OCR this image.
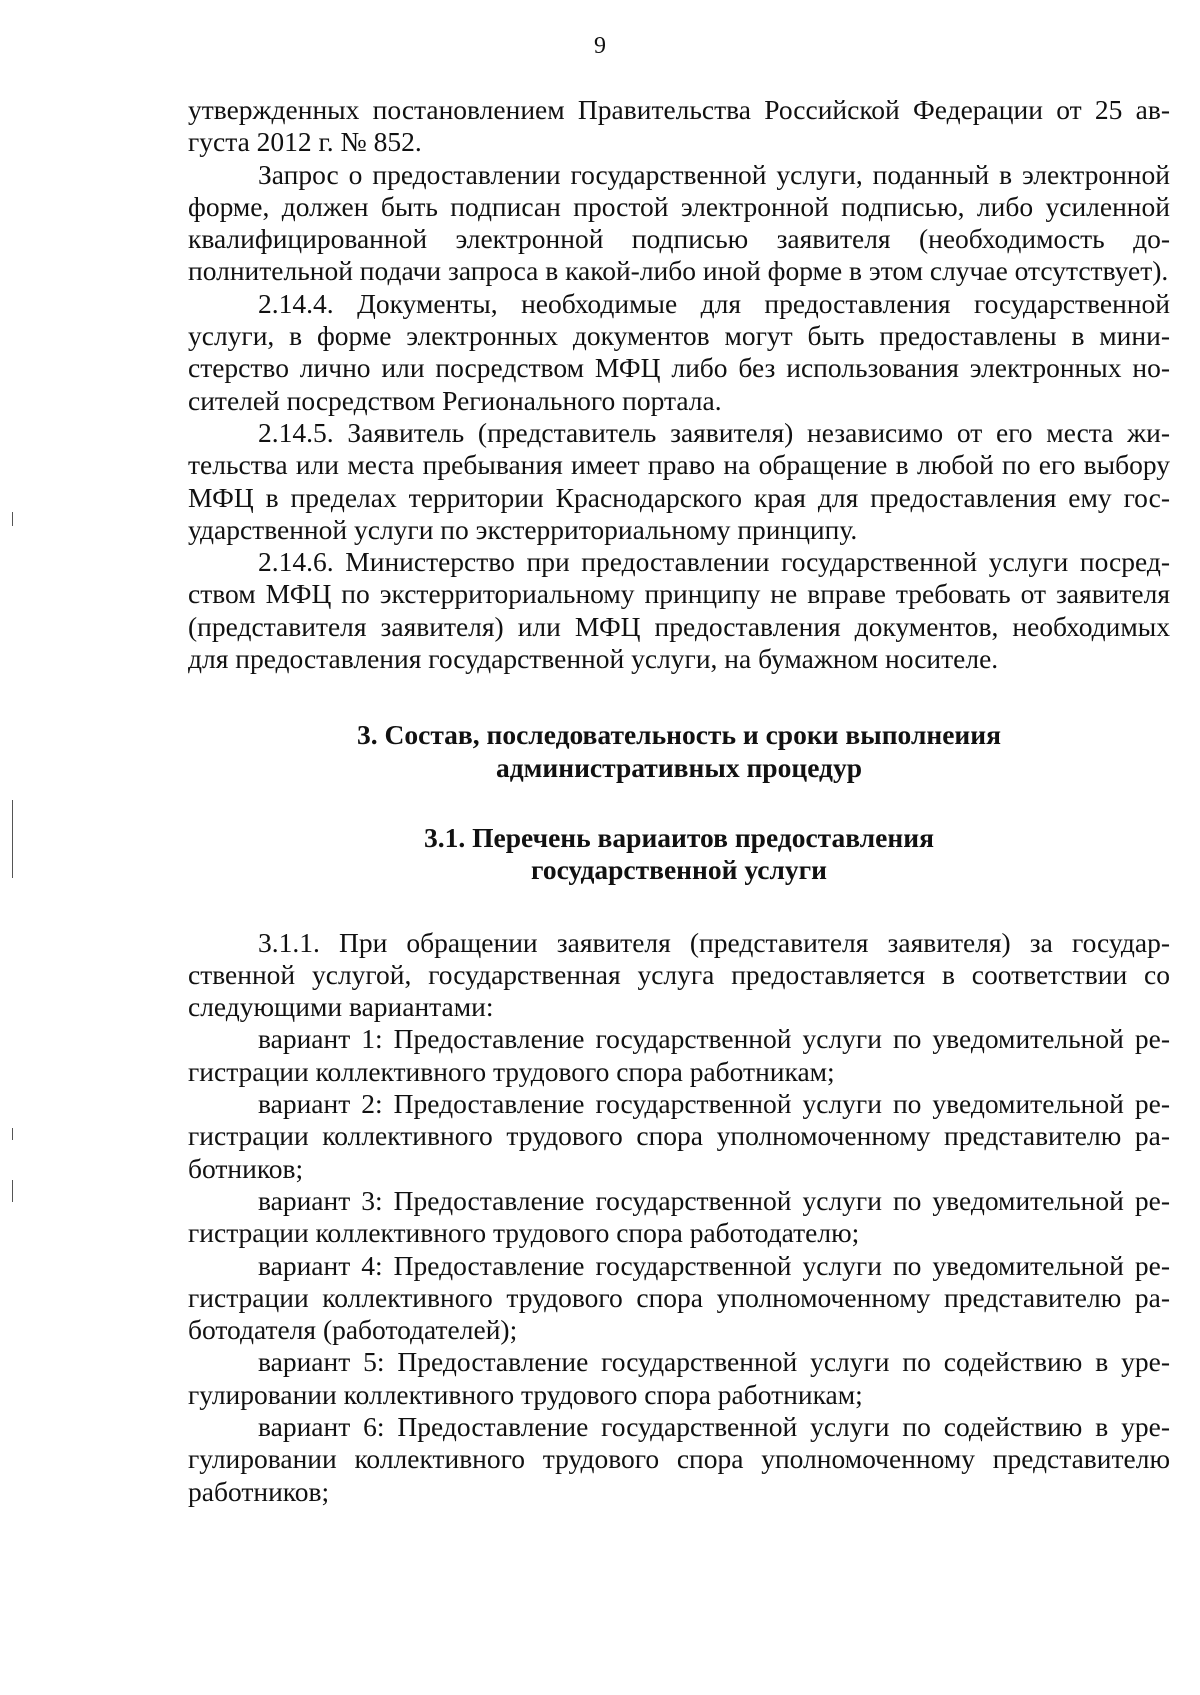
9

утвержденных постановлением Правительства Российской Федерации от 25 августа 2012 г. № 852.

Запрос о предоставлении государственной услуги, поданный в электронной форме, должен быть подписан простой электронной подписью, либо усиленной квалифицированной электронной подписью заявителя (необходимость дополнительной подачи запроса в какой-либо иной форме в этом случае отсутствует).

2.14.4. Документы, необходимые для предоставления государственной услуги, в форме электронных документов могут быть предоставлены в министерство лично или посредством МФЦ либо без использования электронных носителей посредством Регионального портала.

2.14.5. Заявитель (представитель заявителя) независимо от его места жительства или места пребывания имеет право на обращение в любой по его выбору МФЦ в пределах территории Краснодарского края для предоставления ему государственной услуги по экстерриториальному принципу.

2.14.6. Министерство при предоставлении государственной услуги посредством МФЦ по экстерриториальному принципу не вправе требовать от заявителя (представителя заявителя) или МФЦ предоставления документов, необходимых для предоставления государственной услуги, на бумажном носителе.

3. Состав, последовательность и сроки выполнеиия
административных процедур
3.1. Перечень вариаитов предоставления
государственной услуги

3.1.1. При обращении заявителя (представителя заявителя) за государственной услугой, государственная услуга предоставляется в соответствии со следующими вариантами:

вариант 1: Предоставление государственной услуги по уведомительной регистрации коллективного трудового спора работникам;

вариант 2: Предоставление государственной услуги по уведомительной регистрации коллективного трудового спора уполномоченному представителю работников;

вариант 3: Предоставление государственной услуги по уведомительной регистрации коллективного трудового спора работодателю;

вариант 4: Предоставление государственной услуги по уведомительной регистрации коллективного трудового спора уполномоченному представителю работодателя (работодателей);

вариант 5: Предоставление государственной услуги по содействию в урегулировании коллективного трудового спора работникам;

вариант 6: Предоставление государственной услуги по содействию в урегулировании коллективного трудового спора уполномоченному представителю работников;
